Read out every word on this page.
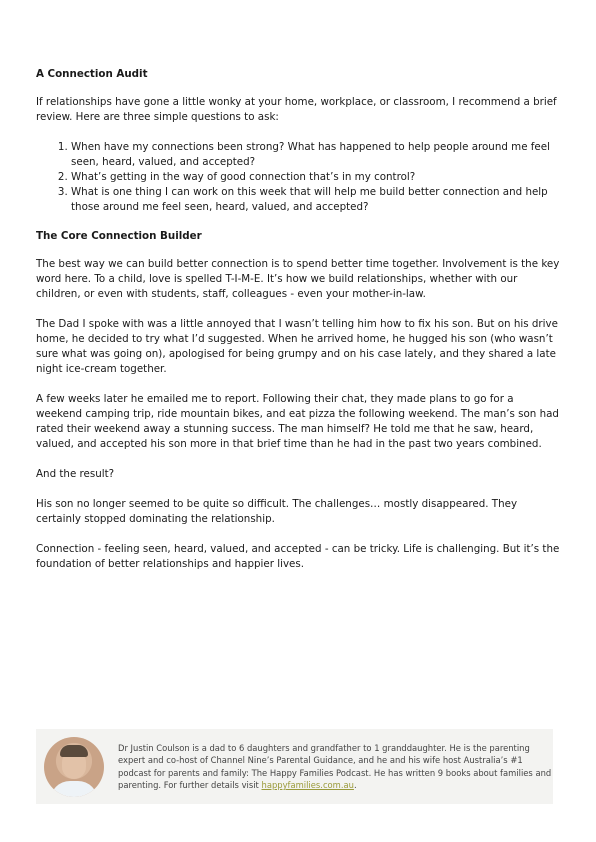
A Connection Audit

If relationships have gone a little wonky at your home, workplace, or classroom, I recommend a brief review. Here are three simple questions to ask:

1. When have my connections been strong? What has happened to help people around me feel seen, heard, valued, and accepted?
2. What’s getting in the way of good connection that’s in my control?
3. What is one thing I can work on this week that will help me build better connection and help those around me feel seen, heard, valued, and accepted?
The Core Connection Builder

The best way we can build better connection is to spend better time together. Involvement is the key word here. To a child, love is spelled T-I-M-E. It’s how we build relationships, whether with our children, or even with students, staff, colleagues - even your mother-in-law.

The Dad I spoke with was a little annoyed that I wasn’t telling him how to fix his son. But on his drive home, he decided to try what I’d suggested. When he arrived home, he hugged his son (who wasn’t sure what was going on), apologised for being grumpy and on his case lately, and they shared a late night ice-cream together.

A few weeks later he emailed me to report. Following their chat, they made plans to go for a weekend camping trip, ride mountain bikes, and eat pizza the following weekend. The man’s son had rated their weekend away a stunning success. The man himself? He told me that he saw, heard, valued, and accepted his son more in that brief time than he had in the past two years combined.

And the result?

His son no longer seemed to be quite so difficult. The challenges… mostly disappeared. They certainly stopped dominating the relationship.

Connection - feeling seen, heard, valued, and accepted - can be tricky. Life is challenging. But it’s the foundation of better relationships and happier lives.

Dr Justin Coulson is a dad to 6 daughters and grandfather to 1 granddaughter. He is the parenting expert and co-host of Channel Nine’s Parental Guidance, and he and his wife host Australia’s #1 podcast for parents and family: The Happy Families Podcast. He has written 9 books about families and parenting. For further details visit happyfamilies.com.au.
